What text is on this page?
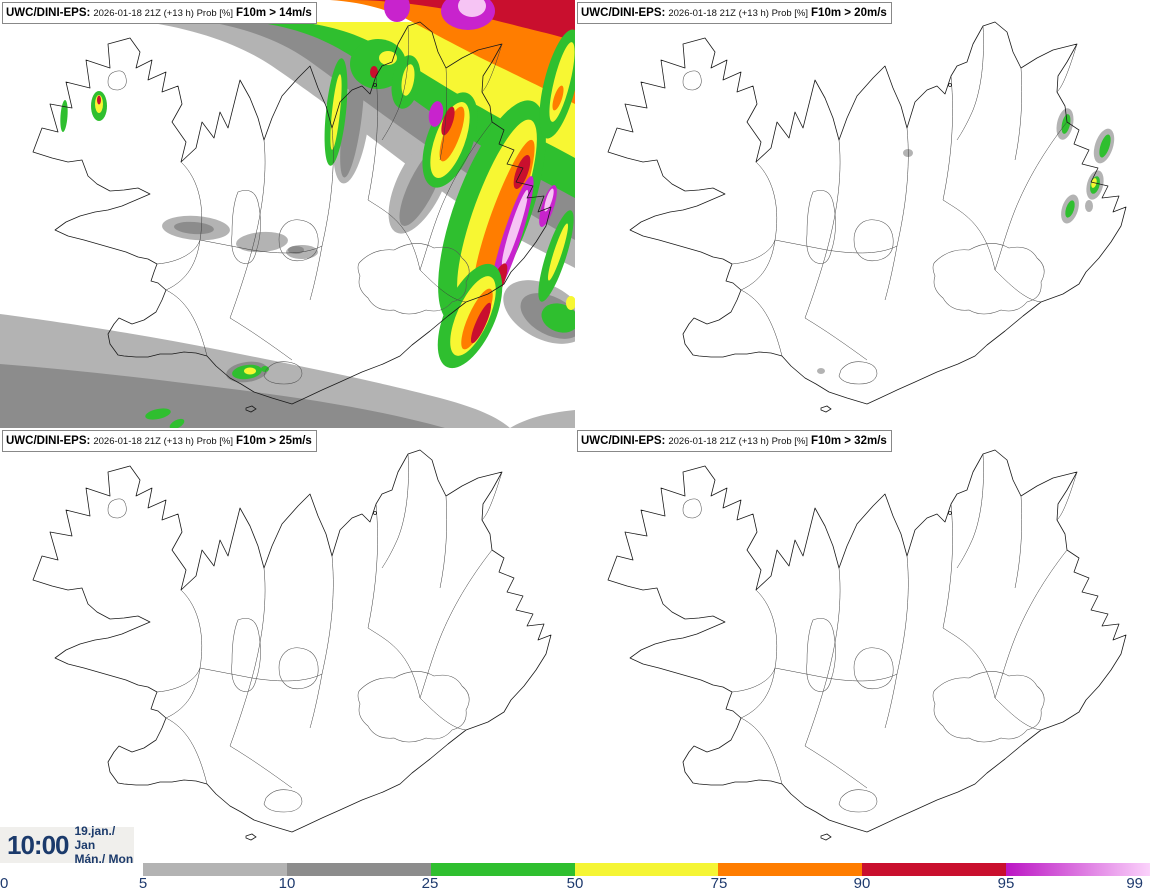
UWC/DINI-EPS: 2026-01-18 21Z (+13 h) Prob [%] F10m > 14m/s	UWC/DINI-EPS: 2026-01-18 21Z (+13 h) Prob [%] F10m > 20m/s
UWC/DINI-EPS: 2026-01-18 21Z (+13 h) Prob [%] F10m > 25m/s	UWC/DINI-EPS: 2026-01-18 21Z (+13 h) Prob [%] F10m > 32m/s
10:00 19.jan./ Jan
Mán./ Mon
0	5	10	25	50	75	90	95	99
